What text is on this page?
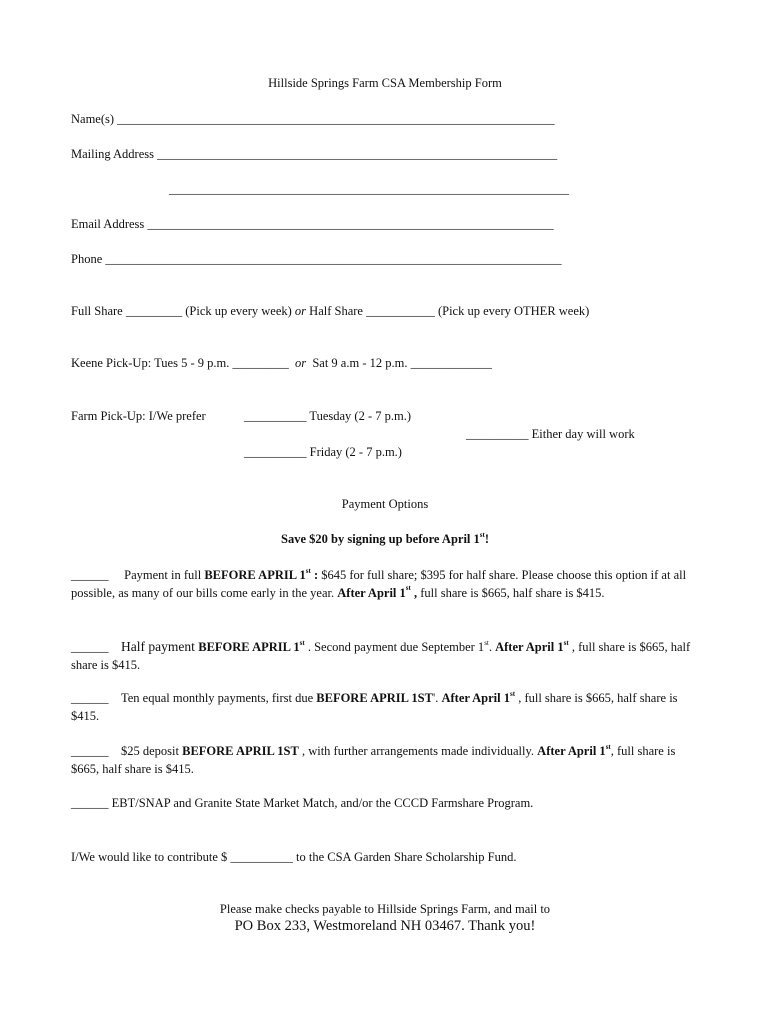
Hillside Springs Farm CSA Membership Form
Name(s) ______________________________________________________________________
Mailing Address ________________________________________________________________
________________________________________________________________
Email Address _________________________________________________________________
Phone _________________________________________________________________________
Full Share _________ (Pick up every week) or Half Share ___________ (Pick up every OTHER week)
Keene Pick-Up: Tues 5 - 9 p.m. _________ or Sat 9 a.m - 12 p.m. _____________
Farm Pick-Up: I/We prefer	__________ Tuesday (2 - 7 p.m.)
__________ Either day will work
__________ Friday (2 - 7 p.m.)
Payment Options
Save $20 by signing up before April 1st!
______ Payment in full BEFORE APRIL 1st : $645 for full share; $395 for half share. Please choose this option if at all possible, as many of our bills come early in the year. After April 1st , full share is $665, half share is $415.
______ Half payment BEFORE APRIL 1st . Second payment due September 1st. After April 1st , full share is $665, half share is $415.
______ Ten equal monthly payments, first due BEFORE APRIL 1ST'. After April 1st , full share is $665, half share is $415.
______ $25 deposit BEFORE APRIL 1ST , with further arrangements made individually. After April 1st, full share is $665, half share is $415.
______ EBT/SNAP and Granite State Market Match, and/or the CCCD Farmshare Program.
I/We would like to contribute $ __________ to the CSA Garden Share Scholarship Fund.
Please make checks payable to Hillside Springs Farm, and mail to
PO Box 233, Westmoreland NH 03467. Thank you!
